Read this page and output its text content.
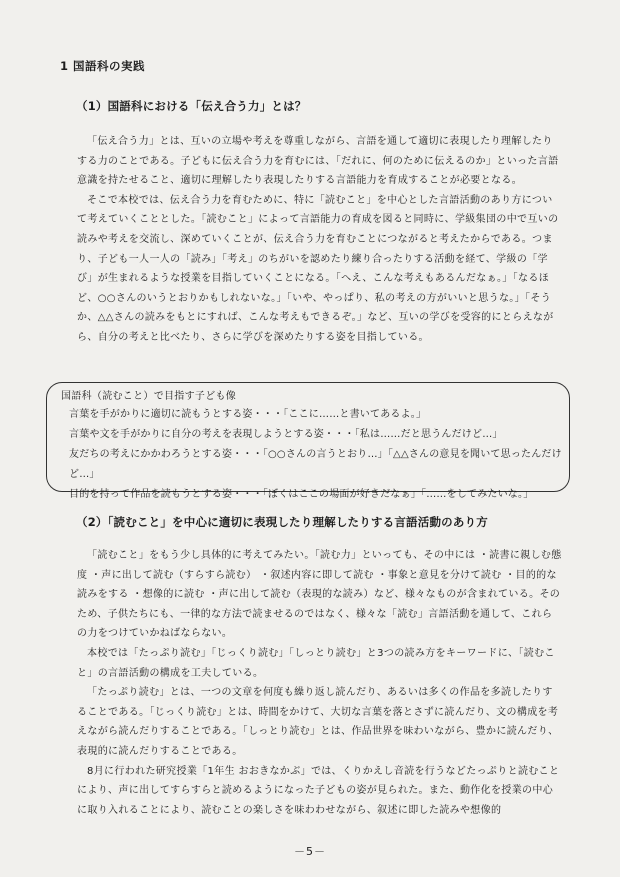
1 国語科の実践
（1）国語科における「伝え合う力」とは？

「伝え合う力」とは、互いの立場や考えを尊重しながら、言語を通して適切に表現したり理解したりする力のことである。子どもに伝え合う力を育むには、「だれに、何のために伝えるのか」といった言語意識を持たせること、適切に理解したり表現したりする言語能力を育成することが必要となる。

そこで本校では、伝え合う力を育むために、特に「読むこと」を中心とした言語活動のあり方について考えていくこととした。「読むこと」によって言語能力の育成を図ると同時に、学級集団の中で互いの読みや考えを交流し、深めていくことが、伝え合う力を育むことにつながると考えたからである。つまり、子ども一人一人の「読み」「考え」のちがいを認めたり練り合ったりする活動を経て、学級の「学び」が生まれるような授業を目指していくことになる。「へえ、こんな考えもあるんだなぁ。」「なるほど、○○さんのいうとおりかもしれないな。」「いや、やっぱり、私の考えの方がいいと思うな。」「そうか、△△さんの読みをもとにすれば、こんな考えもできるぞ。」など、互いの学びを受容的にとらえながら、自分の考えと比べたり、さらに学びを深めたりする姿を目指している。

国語科（読むこと）で目指す子ども像
言葉を手がかりに適切に読もうとする姿・・・「ここに……と書いてあるよ。」
言葉や文を手がかりに自分の考えを表現しようとする姿・・・「私は……だと思うんだけど…」
友だちの考えにかかわろうとする姿・・・「○○さんの言うとおり…」「△△さんの意見を聞いて思ったんだけど…」
目的を持って作品を読もうとする姿・・・「ぼくはここの場面が好きだなぁ」「……をしてみたいな。」
（2）「読むこと」を中心に適切に表現したり理解したりする言語活動のあり方

「読むこと」をもう少し具体的に考えてみたい。「読む力」といっても、その中には ・読書に親しむ態度 ・声に出して読む（すらすら読む） ・叙述内容に即して読む ・事象と意見を分けて読む ・目的的な読みをする ・想像的に読む ・声に出して読む（表現的な読み）など、様々なものが含まれている。そのため、子供たちにも、一律的な方法で読ませるのではなく、様々な「読む」言語活動を通して、これらの力をつけていかねばならない。

本校では「たっぷり読む」「じっくり読む」「しっとり読む」と3つの読み方をキーワードに、「読むこと」の言語活動の構成を工夫している。

「たっぷり読む」とは、一つの文章を何度も繰り返し読んだり、あるいは多くの作品を多読したりすることである。「じっくり読む」とは、時間をかけて、大切な言葉を落とさずに読んだり、文の構成を考えながら読んだりすることである。「しっとり読む」とは、作品世界を味わいながら、豊かに読んだり、表現的に読んだりすることである。

8月に行われた研究授業「1年生 おおきなかぶ」では、くりかえし音読を行うなどたっぷりと読むことにより、声に出してすらすらと読めるようになった子どもの姿が見られた。また、動作化を授業の中心に取り入れることにより、読むことの楽しさを味わわせながら、叙述に即した読みや想像的

－5－
